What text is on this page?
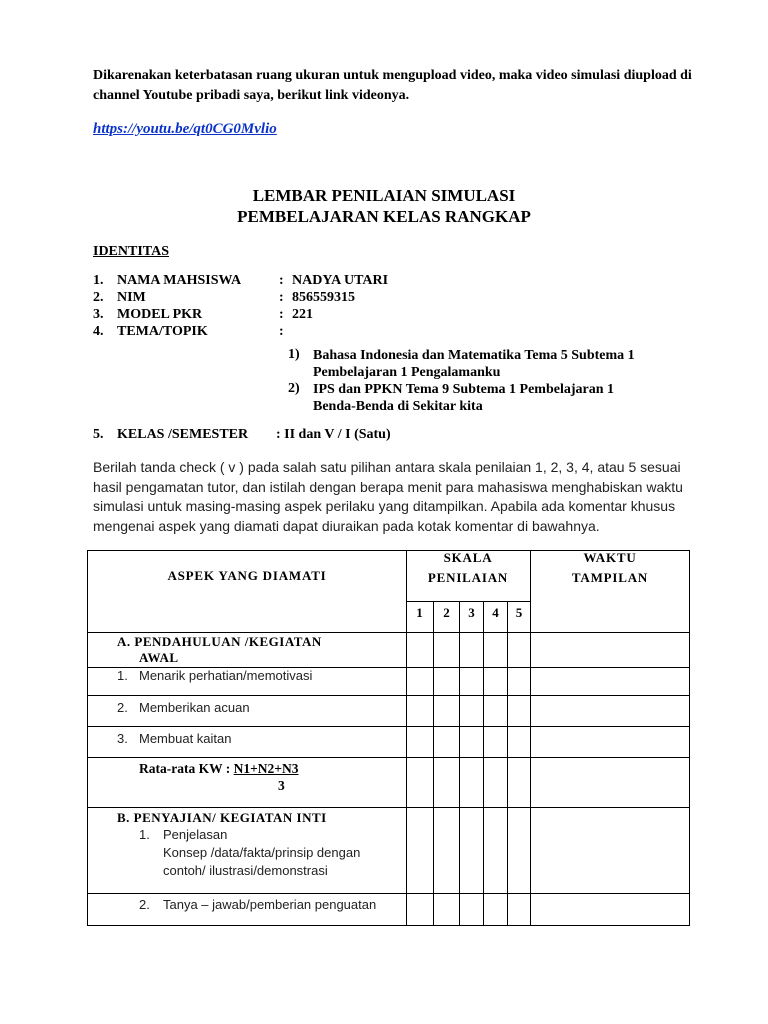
Dikarenakan keterbatasan ruang ukuran untuk mengupload video, maka video simulasi diupload di channel Youtube pribadi saya, berikut link videonya.
https://youtu.be/qt0CG0Mvlio
LEMBAR PENILAIAN SIMULASI
PEMBELAJARAN KELAS RANGKAP
IDENTITAS
1. NAMA MAHSISWA	: NADYA UTARI
2. NIM	: 856559315
3. MODEL PKR	: 221
4. TEMA/TOPIK	:
1) Bahasa Indonesia dan Matematika Tema 5 Subtema 1
Pembelajaran 1 Pengalamanku
2) IPS dan PPKN Tema 9 Subtema 1 Pembelajaran 1
Benda-Benda di Sekitar kita
5. KELAS /SEMESTER : II dan V / I (Satu)
Berilah tanda check ( v ) pada salah satu pilihan antara skala penilaian 1, 2, 3, 4, atau 5 sesuai hasil pengamatan tutor, dan istilah dengan berapa menit para mahasiswa menghabiskan waktu simulasi untuk masing-masing aspek perilaku yang ditampilkan. Apabila ada komentar khusus mengenai aspek yang diamati dapat diuraikan pada kotak komentar di bawahnya.
ASPEK YANG DIAMATI
SKALA
PENILAIAN
WAKTU
TAMPILAN
1	2	3	4	5
A. PENDAHULUAN /KEGIATAN
AWAL
1. Menarik perhatian/memotivasi
2. Memberikan acuan
3. Membuat kaitan
Rata-rata KW : N1+N2+N3
3
B. PENYAJIAN/ KEGIATAN INTI
1. Penjelasan
Konsep /data/fakta/prinsip dengan
contoh/ ilustrasi/demonstrasi
2. Tanya – jawab/pemberian penguatan
